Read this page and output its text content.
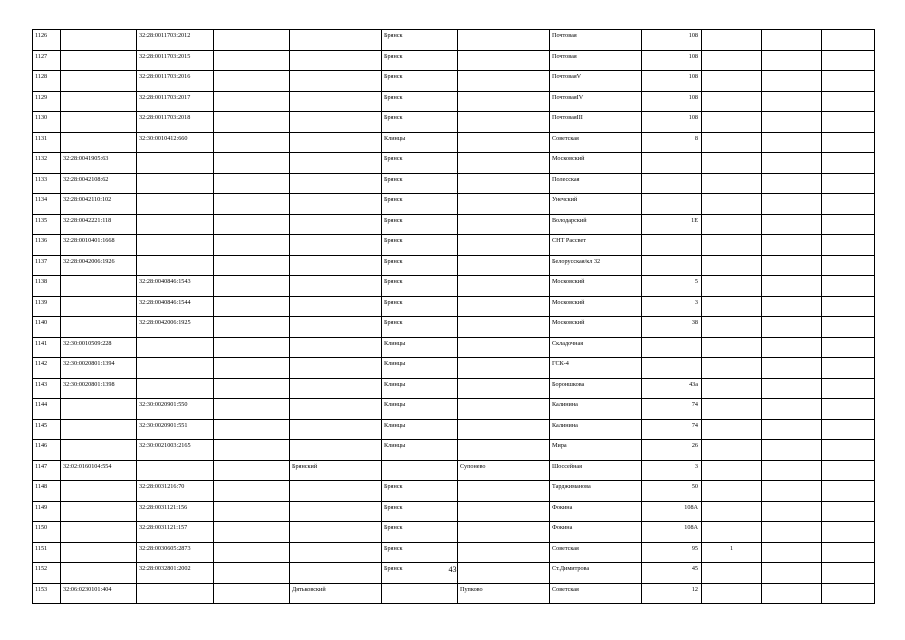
1126		32:28:0011703:2012			Брянск		Почтовая	108			
1127		32:28:0011703:2015			Брянск		Почтовая	108			
1128		32:28:0011703:2016			Брянск		ПочтоваяV	108			
1129		32:28:0011703:2017			Брянск		ПочтоваяIV	108			
1130		32:28:0011703:2018			Брянск		ПочтоваяIII	108			
1131		32:30:0010412:660			Клинцы		Советская	8			
1132	32:28:0041905:63				Брянск		Московский				
1133	32:28:0042108:62				Брянск		Полесская				
1134	32:28:0042110:102				Брянск		Унечский				
1135	32:28:0042221:118				Брянск		Володарский	1Е			
1136	32:28:0010401:1668				Брянск		СНТ Рассвет				
1137	32:28:0042006:1926				Брянск		Белорусская/кл 32				
1138		32:28:0040846:1543			Брянск		Московский	5			
1139		32:28:0040846:1544			Брянск		Московский	3			
1140		32:28:0042006:1925			Брянск		Московский	38			
1141	32:30:0010509:228				Клинцы		Складочная				
1142	32:30:0020801:1394				Клинцы		ГСК-4				
1143	32:30:0020801:1398				Клинцы		Бороншкова	43а			
1144		32:30:0020901:550			Клинцы		Калинина	74			
1145		32:30:0020901:551			Клинцы		Калинина	74			
1146		32:30:0021003:2165			Клинцы		Мира	26			
1147	32:02:0160104:554			Брянский		Супонево	Шоссейная	3			
1148		32:28:0031216:70			Брянск		Тарджиманова	50			
1149		32:28:0031121:156			Брянск		Фокина	108А			
1150		32:28:0031121:157			Брянск		Фокина	108А			
1151		32:28:0030605:2873			Брянск		Советская	95	1		
1152		32:28:0032801:2002			Брянск		Ст.Димитрова	45			
1153	32:06:0230101:404			Дятьковский		Пупково	Советская	12			
43
